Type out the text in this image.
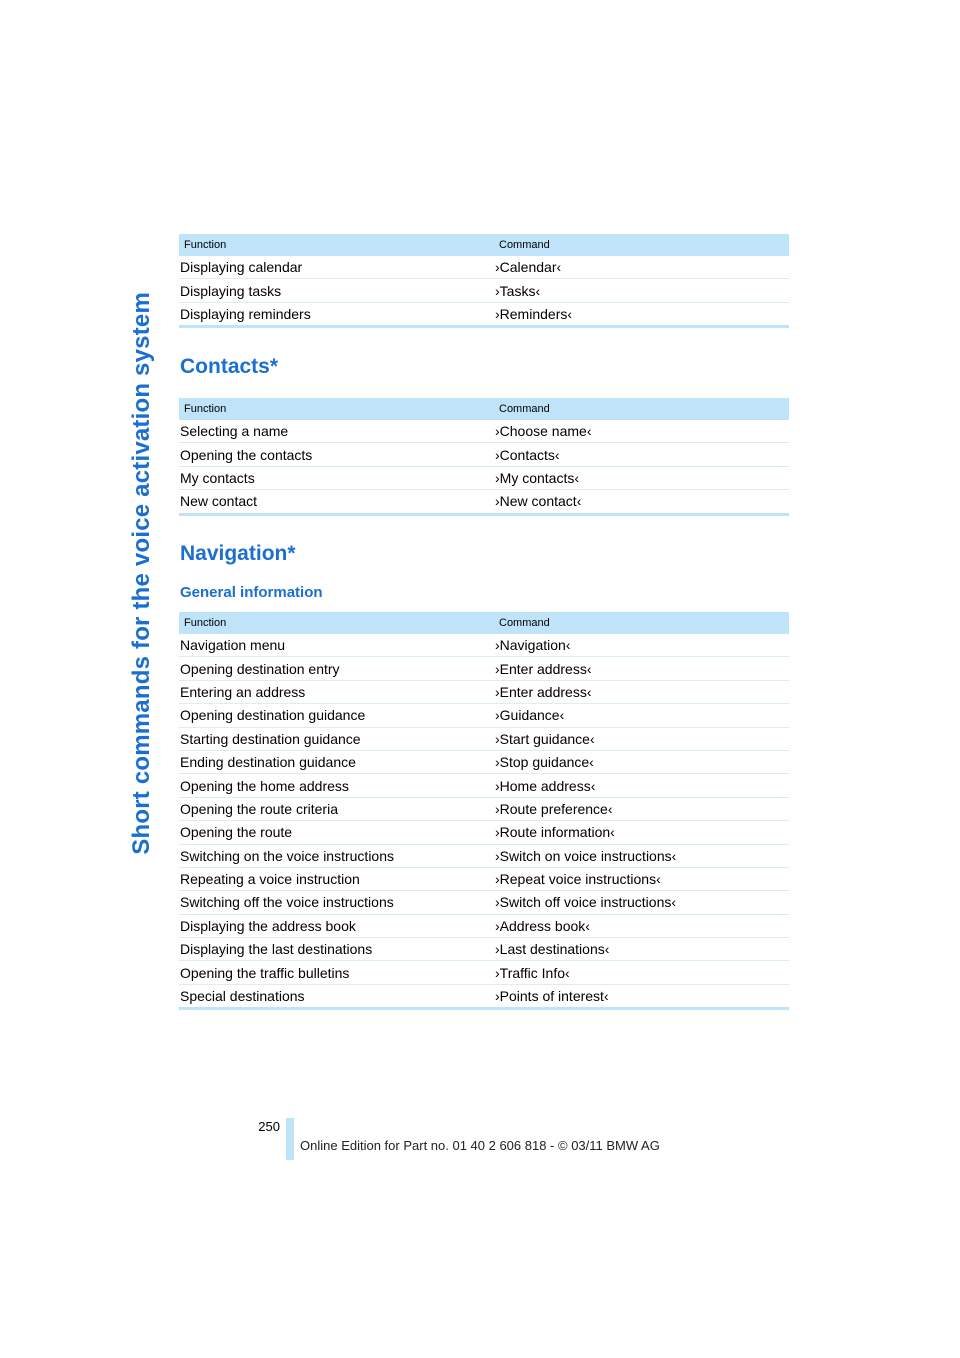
Short commands for the voice activation system
Function	Command
Displaying calendar	›Calendar‹
Displaying tasks	›Tasks‹
Displaying reminders	›Reminders‹
Contacts*
Function	Command
Selecting a name	›Choose name‹
Opening the contacts	›Contacts‹
My contacts	›My contacts‹
New contact	›New contact‹
Navigation*
General information
Function	Command
Navigation menu	›Navigation‹
Opening destination entry	›Enter address‹
Entering an address	›Enter address‹
Opening destination guidance	›Guidance‹
Starting destination guidance	›Start guidance‹
Ending destination guidance	›Stop guidance‹
Opening the home address	›Home address‹
Opening the route criteria	›Route preference‹
Opening the route	›Route information‹
Switching on the voice instructions	›Switch on voice instructions‹
Repeating a voice instruction	›Repeat voice instructions‹
Switching off the voice instructions	›Switch off voice instructions‹
Displaying the address book	›Address book‹
Displaying the last destinations	›Last destinations‹
Opening the traffic bulletins	›Traffic Info‹
Special destinations	›Points of interest‹
250
Online Edition for Part no. 01 40 2 606 818 - © 03/11 BMW AG
